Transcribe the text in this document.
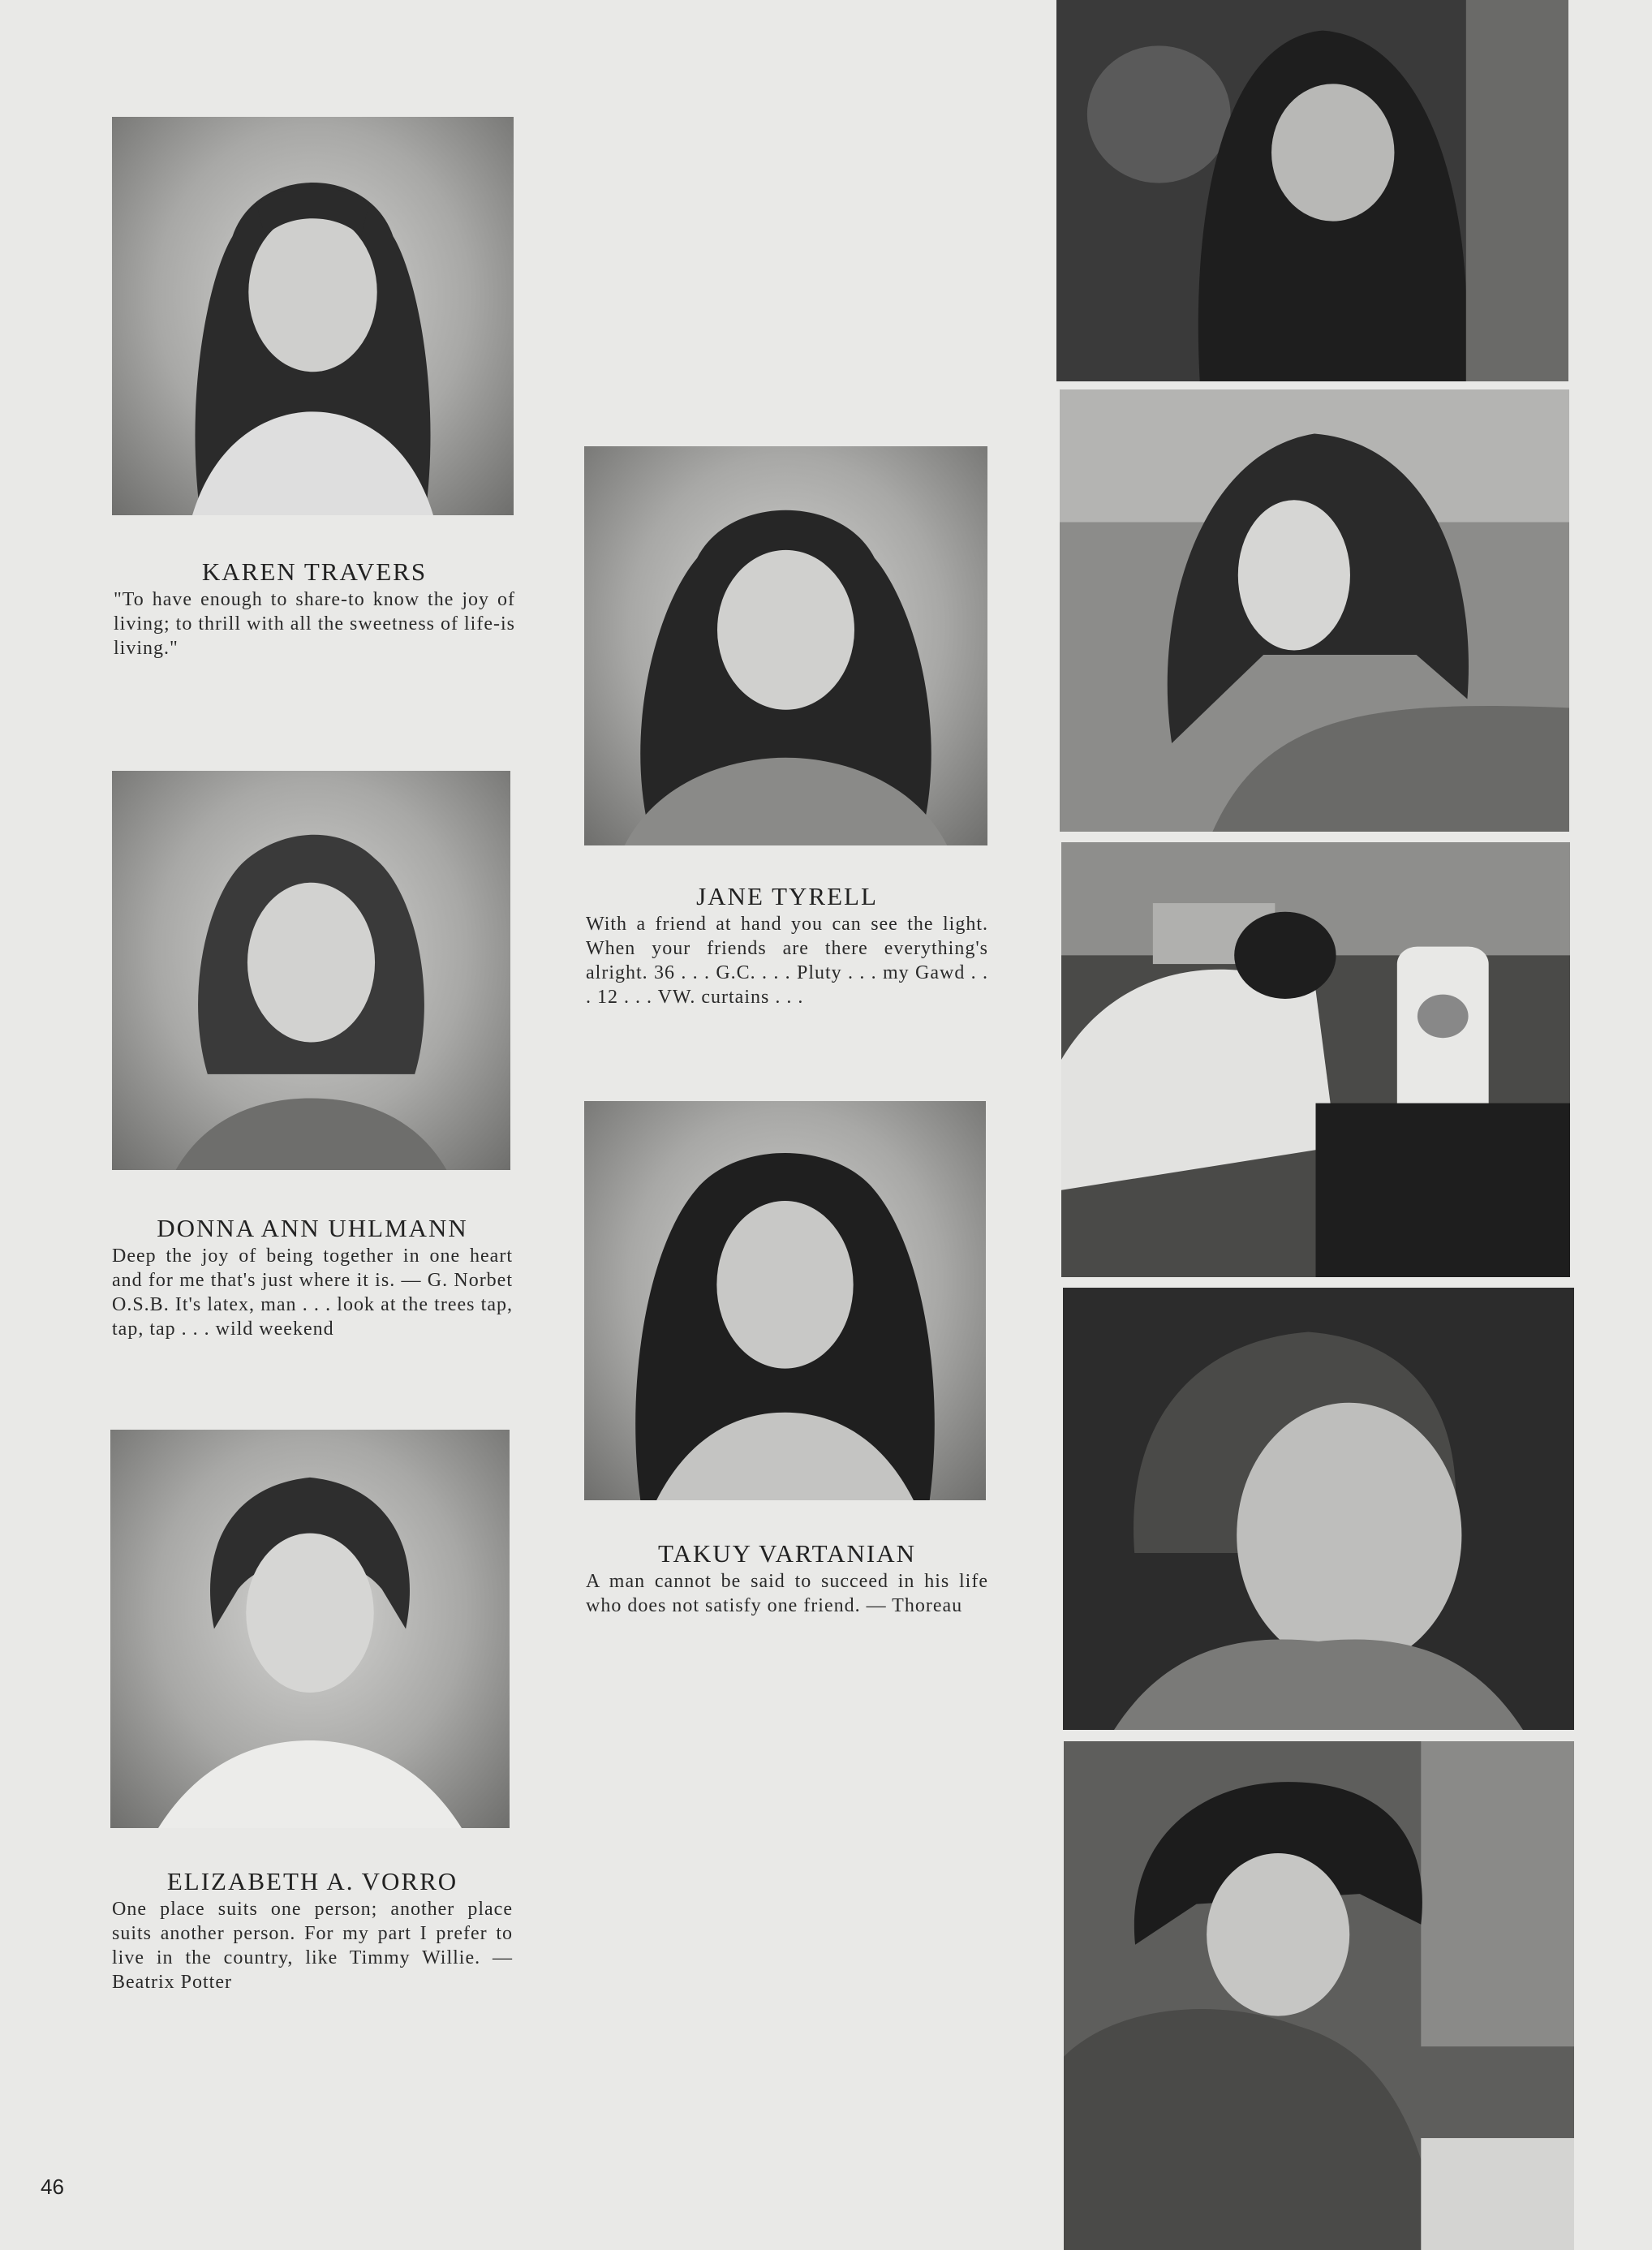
KAREN TRAVERS
"To have enough to share-to know the joy of living; to thrill with all the sweetness of life-is living."
JANE TYRELL
With a friend at hand you can see the light. When your friends are there everything's alright. 36 . . . G.C. . . . Pluty . . . my Gawd . . . 12 . . . VW. curtains . . .
DONNA ANN UHLMANN
Deep the joy of being together in one heart and for me that's just where it is. — G. Norbet O.S.B. It's latex, man . . . look at the trees tap, tap, tap . . . wild weekend
TAKUY VARTANIAN
A man cannot be said to succeed in his life who does not satisfy one friend. — Thoreau
ELIZABETH A. VORRO
One place suits one person; another place suits another person. For my part I prefer to live in the country, like Timmy Willie. — Beatrix Potter
46
